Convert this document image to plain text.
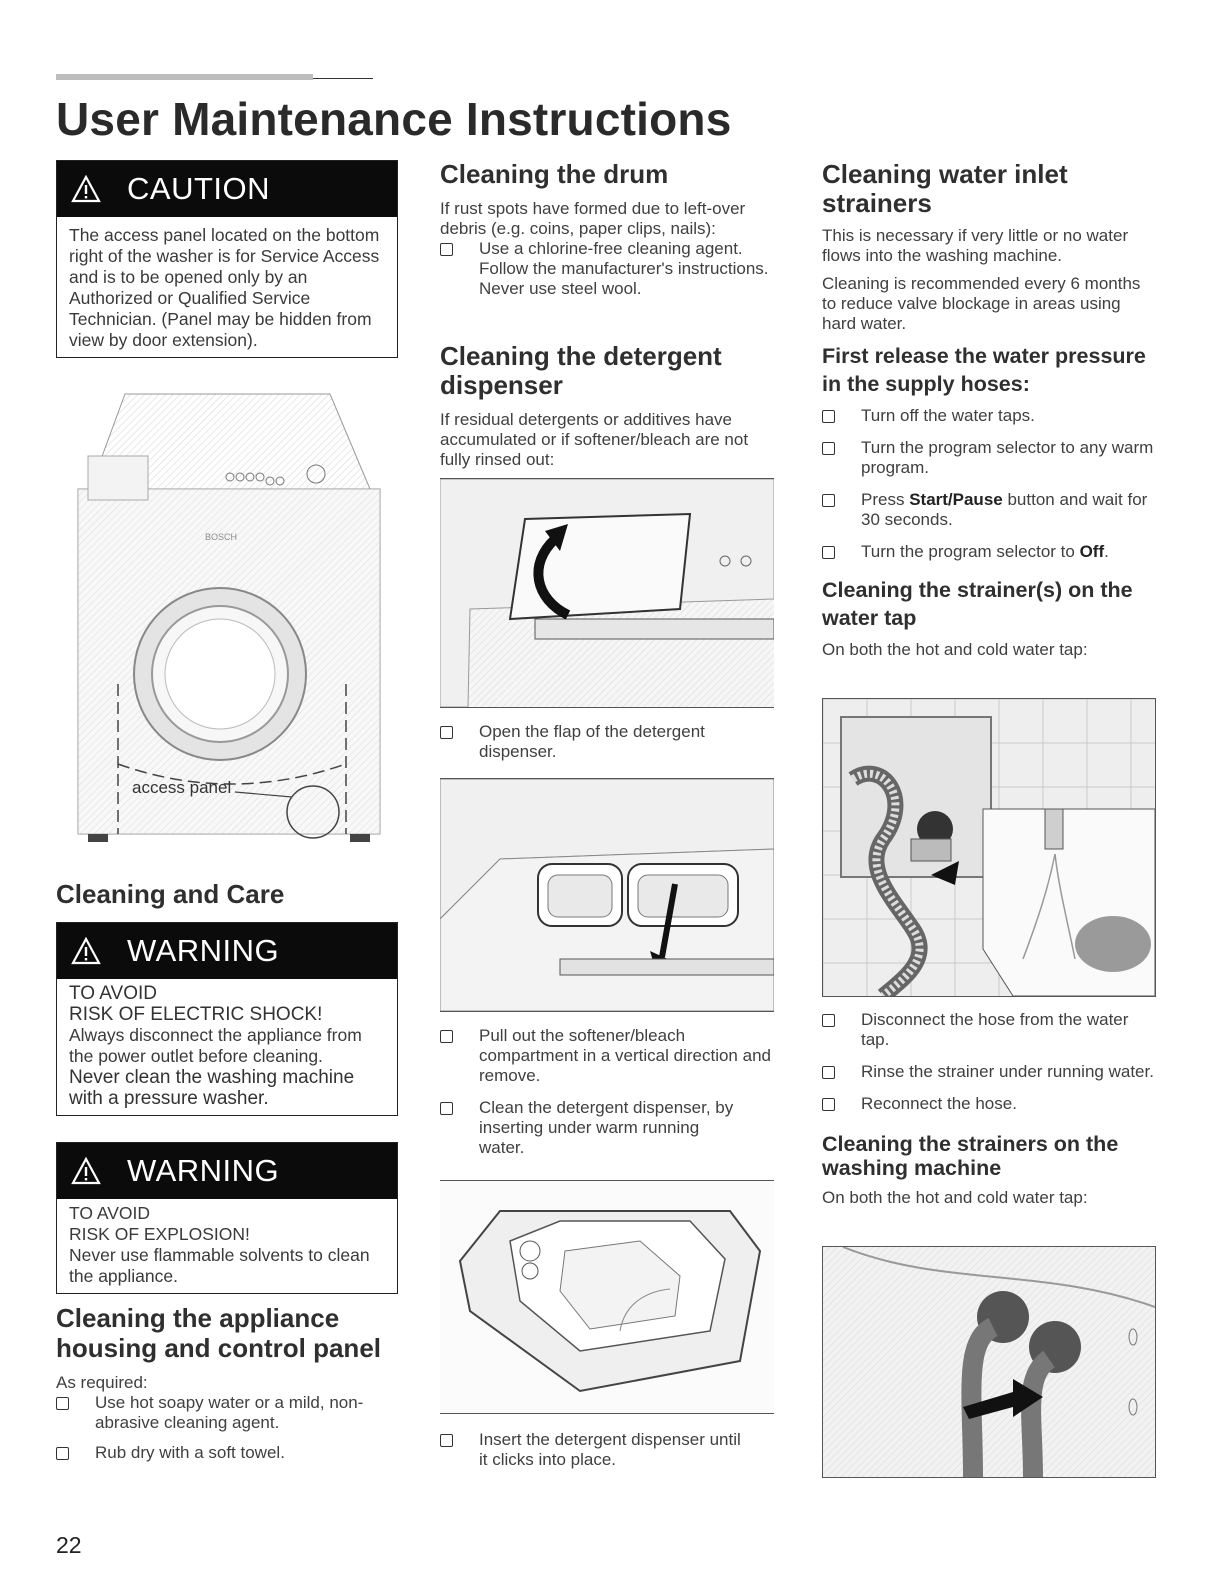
User Maintenance Instructions
CAUTION
The access panel located on the bottom right of the washer is for Service Access and is to be opened only by an Authorized or Qualified Service Technician. (Panel may be hidden from view by door extension).
BOSCH
access panel
Cleaning and Care
WARNING
TO AVOID
RISK OF ELECTRIC SHOCK!
Always disconnect the appliance from the power outlet before cleaning.
Never clean the washing machine with a pressure washer.
WARNING
TO AVOID
RISK OF EXPLOSION!
Never use flammable solvents to clean the appliance.
Cleaning the appliance housing and control panel

As required:

Use hot soapy water or a mild, non-abrasive cleaning agent.
Rub dry with a soft towel.
22
Cleaning the drum

If rust spots have formed due to left-over debris (e.g. coins, paper clips, nails):

Use a chlorine-free cleaning agent. Follow the manufacturer's instructions. Never use steel wool.
Cleaning the detergent dispenser

If residual detergents or additives have accumulated or if softener/bleach are not fully rinsed out:

Open the flap of the detergent dispenser.
Pull out the softener/bleach compartment in a vertical direction and remove.
Clean the detergent dispenser, by inserting under warm running water.
Insert the detergent dispenser until it clicks into place.
Cleaning water inlet strainers

This is necessary if very little or no water flows into the washing machine.

Cleaning is recommended every 6 months to reduce valve blockage in areas using hard water.

First release the water pressure in the supply hoses:
Turn off the water taps.
Turn the program selector to any warm program.
Press Start/Pause button and wait for 30 seconds.
Turn the program selector to Off.
Cleaning the strainer(s) on the water tap

On both the hot and cold water tap:

Disconnect the hose from the water tap.
Rinse the strainer under running water.
Reconnect the hose.
Cleaning the strainers on the washing machine

On both the hot and cold water tap:
